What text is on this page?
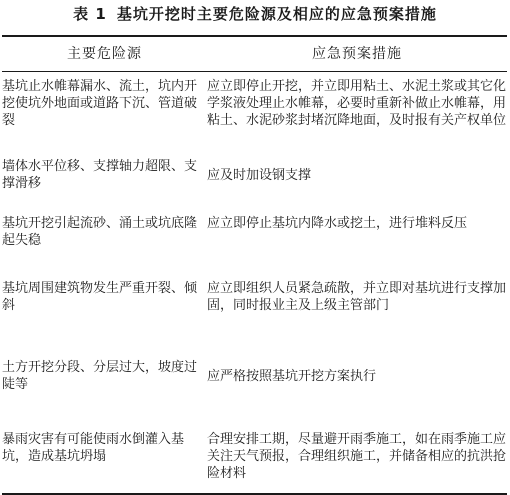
表 1 基坑开挖时主要危险源及相应的应急预案措施
主要危险源	应急预案措施
基坑止水帷幕漏水、流土，坑内开挖使坑外地面或道路下沉、管道破裂	应立即停止开挖，并立即用粘土、水泥土浆或其它化学浆液处理止水帷幕，必要时重新补做止水帷幕，用粘土、水泥砂浆封堵沉降地面，及时报有关产权单位
墙体水平位移、支撑轴力超限、支撑滑移	应及时加设钢支撑
基坑开挖引起流砂、涌土或坑底隆起失稳	应立即停止基坑内降水或挖土，进行堆料反压
基坑周围建筑物发生严重开裂、倾斜	应立即组织人员紧急疏散，并立即对基坑进行支撑加固，同时报业主及上级主管部门
土方开挖分段、分层过大，坡度过陡等	应严格按照基坑开挖方案执行
暴雨灾害有可能使雨水倒灌入基坑，造成基坑坍塌	合理安排工期，尽量避开雨季施工，如在雨季施工应关注天气预报，合理组织施工，并储备相应的抗洪抢险材料
